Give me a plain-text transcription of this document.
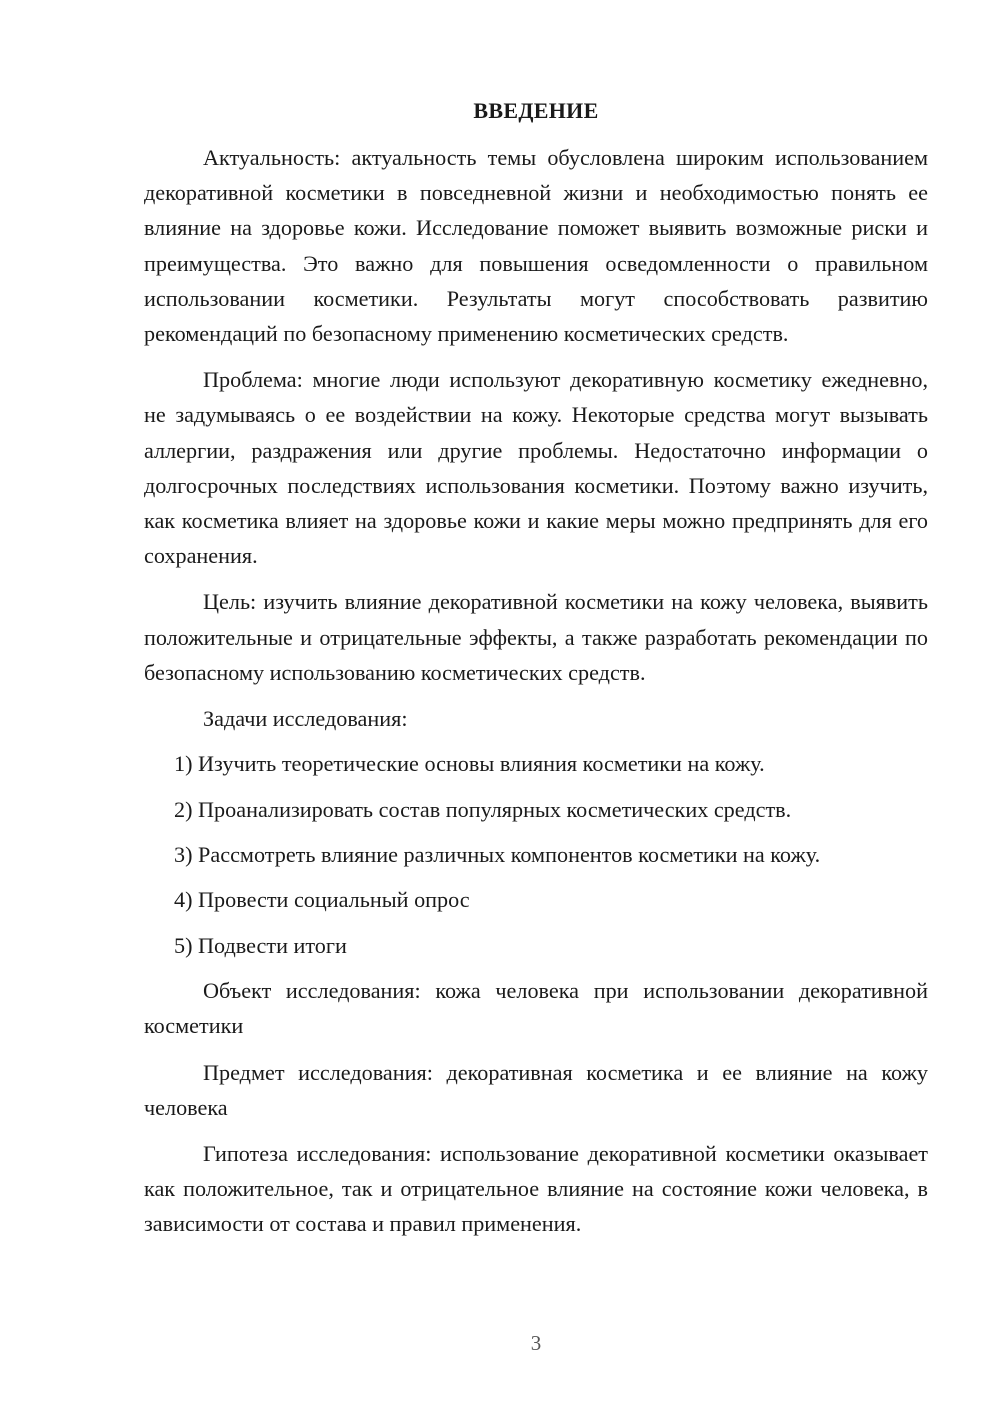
ВВЕДЕНИЕ

Актуальность: актуальность темы обусловлена широким использованием декоративной косметики в повседневной жизни и необходимостью понять ее влияние на здоровье кожи. Исследование поможет выявить возможные риски и преимущества. Это важно для повышения осведомленности о правильном использовании косметики. Результаты могут способствовать развитию рекомендаций по безопасному применению косметических средств.

Проблема: многие люди используют декоративную косметику ежедневно, не задумываясь о ее воздействии на кожу. Некоторые средства могут вызывать аллергии, раздражения или другие проблемы. Недостаточно информации о долгосрочных последствиях использования косметики. Поэтому важно изучить, как косметика влияет на здоровье кожи и какие меры можно предпринять для его сохранения.

Цель: изучить влияние декоративной косметики на кожу человека, выявить положительные и отрицательные эффекты, а также разработать рекомендации по безопасному использованию косметических средств.

Задачи исследования:

1) Изучить теоретические основы влияния косметики на кожу.
2) Проанализировать состав популярных косметических средств.
3) Рассмотреть влияние различных компонентов косметики на кожу.
4) Провести социальный опрос
5) Подвести итоги

Объект исследования: кожа человека при использовании декоративной косметики

Предмет исследования: декоративная косметика и ее влияние на кожу человека

Гипотеза исследования: использование декоративной косметики оказывает как положительное, так и отрицательное влияние на состояние кожи человека, в зависимости от состава и правил применения.

3
